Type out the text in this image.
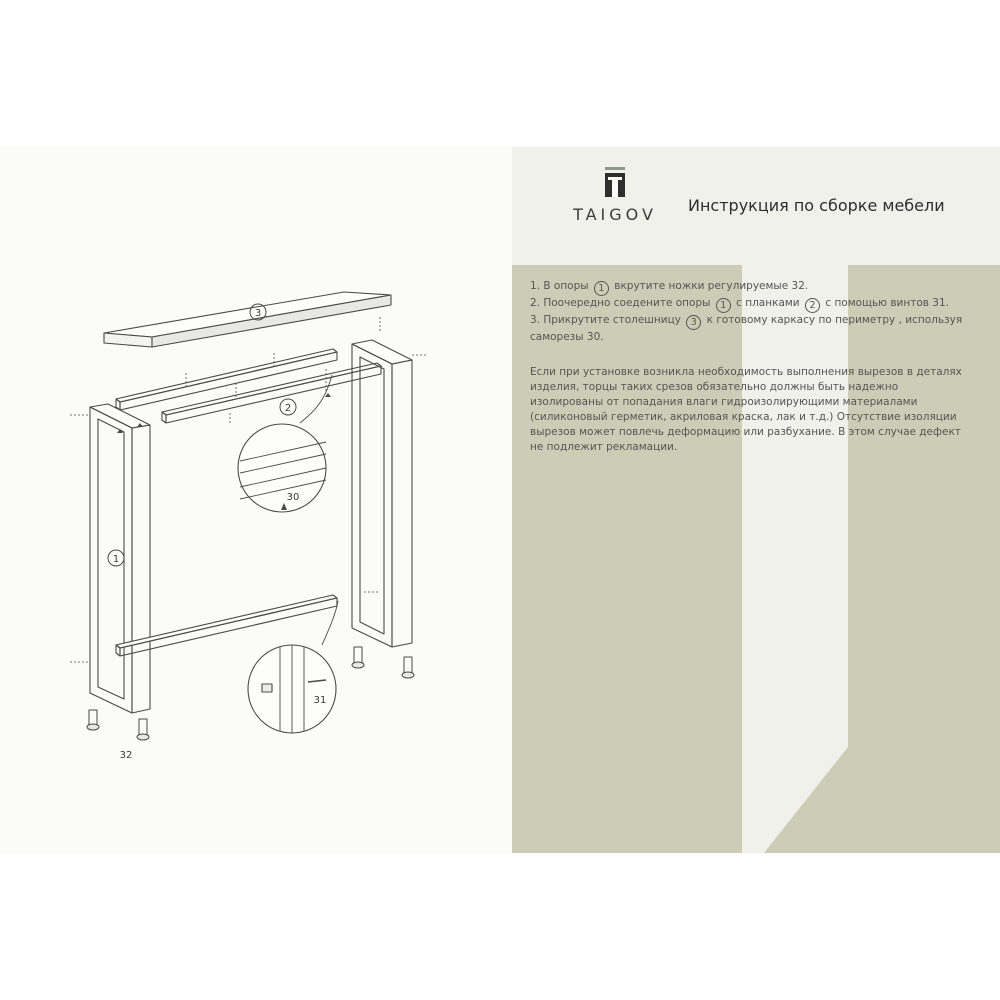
3
2
1
30
31
32
TAIGOV	Инструкция по сборке мебели

1. В опоры 1 вкрутите ножки регулируемые 32.

2. Поочередно соедените опоры 1 с планками 2 с помощью винтов 31.

3. Прикрутите столешницу 3 к готовому каркасу по периметру , используя саморезы 30.

Если при установке возникла необходимость выполнения вырезов в деталях изделия, торцы таких срезов обязательно должны быть надежно изолированы от попадания влаги гидроизолирующими материалами (силиконовый герметик, акриловая краска, лак и т.д.) Отсутствие изоляции вырезов может повлечь деформацию или разбухание. В этом случае дефект не подлежит рекламации.
